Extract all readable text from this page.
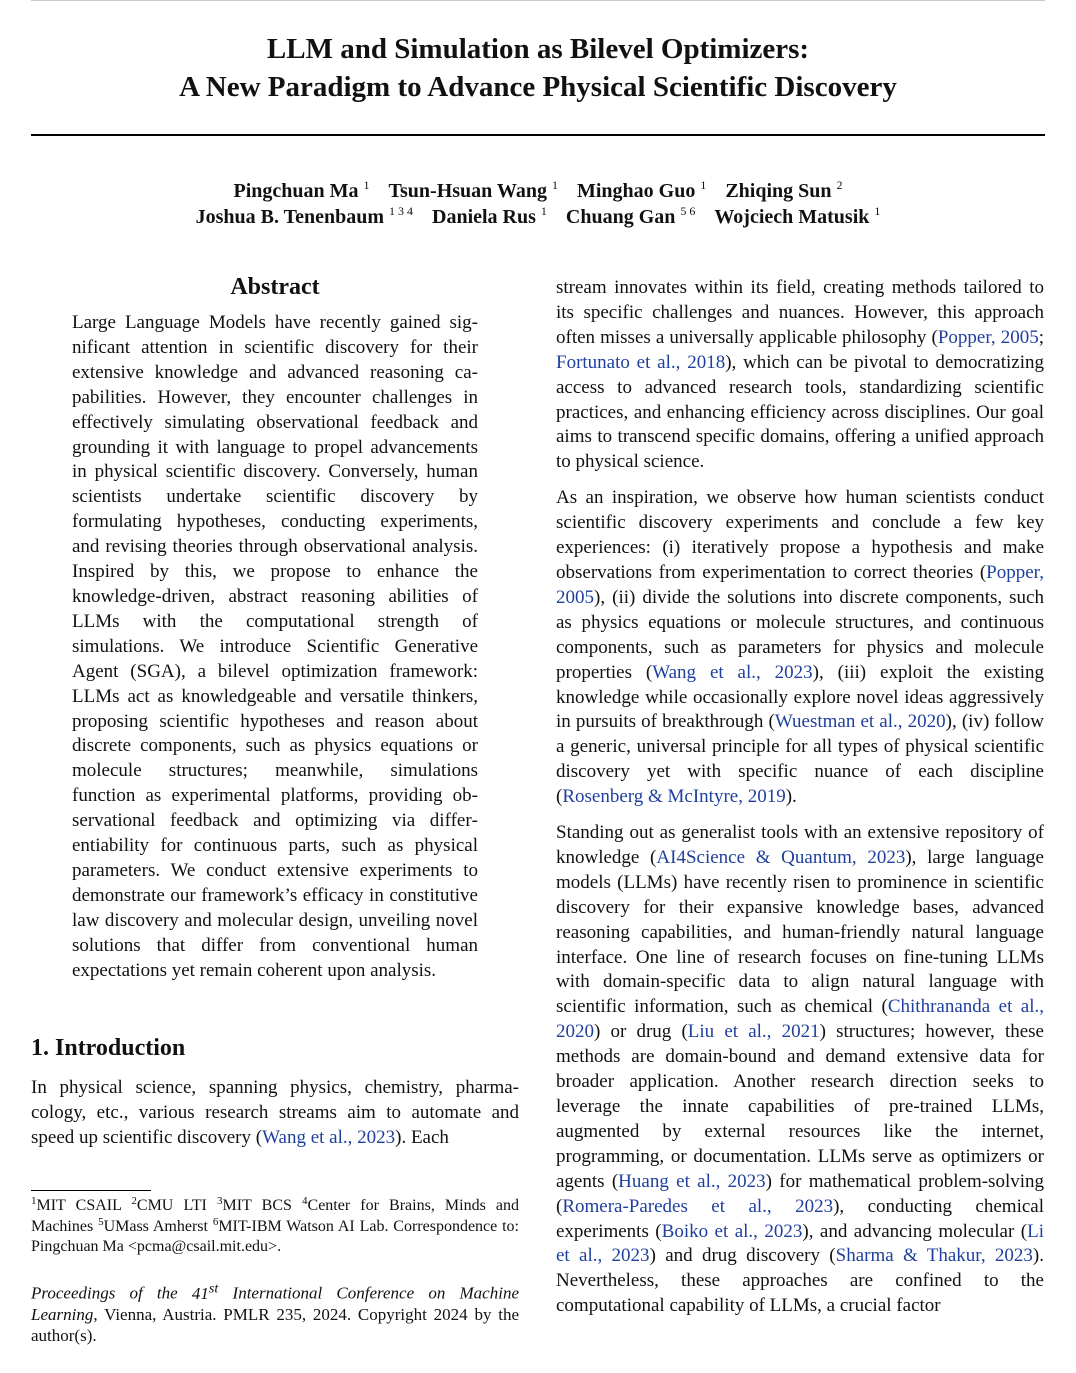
LLM and Simulation as Bilevel Optimizers:
A New Paradigm to Advance Physical Scientific Discovery
Pingchuan Ma $^1$ Tsun-Hsuan Wang $^1$ Minghao Guo $^1$ Zhiqing Sun $^2$
Joshua B. Tenenbaum $^{1 3 4}$ Daniela Rus $^1$ Chuang Gan $^{5 6}$ Wojciech Matusik $^1$
Abstract
Large Language Models have recently gained significant attention in scientific discovery for their extensive knowledge and advanced reasoning capabilities. However, they encounter challenges in effectively simulating observational feedback and grounding it with language to propel advancements in physical scientific discovery. Conversely, human scientists undertake scientific discovery by formulating hypotheses, conducting experiments, and revising theories through observational analysis. Inspired by this, we propose to enhance the knowledge-driven, abstract reasoning abilities of LLMs with the computational strength of simulations. We introduce Scientific Generative Agent (SGA), a bilevel optimization framework: LLMs act as knowledgeable and versatile thinkers, proposing scientific hypotheses and reason about discrete components, such as physics equations or molecule structures; meanwhile, simulations function as experimental platforms, providing observational feedback and optimizing via differentiability for continuous parts, such as physical parameters. We conduct extensive experiments to demonstrate our framework’s efficacy in constitutive law discovery and molecular design, unveiling novel solutions that differ from conventional human expectations yet remain coherent upon analysis.
1. Introduction

In physical science, spanning physics, chemistry, pharmacology, etc., various research streams aim to automate and speed up scientific discovery (Wang et al., 2023). Each

$^1$MIT CSAIL $^2$CMU LTI $^3$MIT BCS $^4$Center for Brains, Minds and Machines $^5$UMass Amherst $^6$MIT-IBM Watson AI Lab. Correspondence to: Pingchuan Ma <pcma@csail.mit.edu>.
Proceedings of the 41st International Conference on Machine Learning, Vienna, Austria. PMLR 235, 2024. Copyright 2024 by the author(s).

stream innovates within its field, creating methods tailored to its specific challenges and nuances. However, this approach often misses a universally applicable philosophy (Popper, 2005; Fortunato et al., 2018), which can be pivotal to democratizing access to advanced research tools, standardizing scientific practices, and enhancing efficiency across disciplines. Our goal aims to transcend specific domains, offering a unified approach to physical science.

As an inspiration, we observe how human scientists conduct scientific discovery experiments and conclude a few key experiences: (i) iteratively propose a hypothesis and make observations from experimentation to correct theories (Popper, 2005), (ii) divide the solutions into discrete components, such as physics equations or molecule structures, and continuous components, such as parameters for physics and molecule properties (Wang et al., 2023), (iii) exploit the existing knowledge while occasionally explore novel ideas aggressively in pursuits of breakthrough (Wuestman et al., 2020), (iv) follow a generic, universal principle for all types of physical scientific discovery yet with specific nuance of each discipline (Rosenberg & McIntyre, 2019).

Standing out as generalist tools with an extensive repository of knowledge (AI4Science & Quantum, 2023), large language models (LLMs) have recently risen to prominence in scientific discovery for their expansive knowledge bases, advanced reasoning capabilities, and human-friendly natural language interface. One line of research focuses on fine-tuning LLMs with domain-specific data to align natural language with scientific information, such as chemical (Chithrananda et al., 2020) or drug (Liu et al., 2021) structures; however, these methods are domain-bound and demand extensive data for broader application. Another research direction seeks to leverage the innate capabilities of pre-trained LLMs, augmented by external resources like the internet, programming, or documentation. LLMs serve as optimizers or agents (Huang et al., 2023) for mathematical problem-solving (Romera-Paredes et al., 2023), conducting chemical experiments (Boiko et al., 2023), and advancing molecular (Li et al., 2023) and drug discovery (Sharma & Thakur, 2023). Nevertheless, these approaches are confined to the computational capability of LLMs, a crucial factor
